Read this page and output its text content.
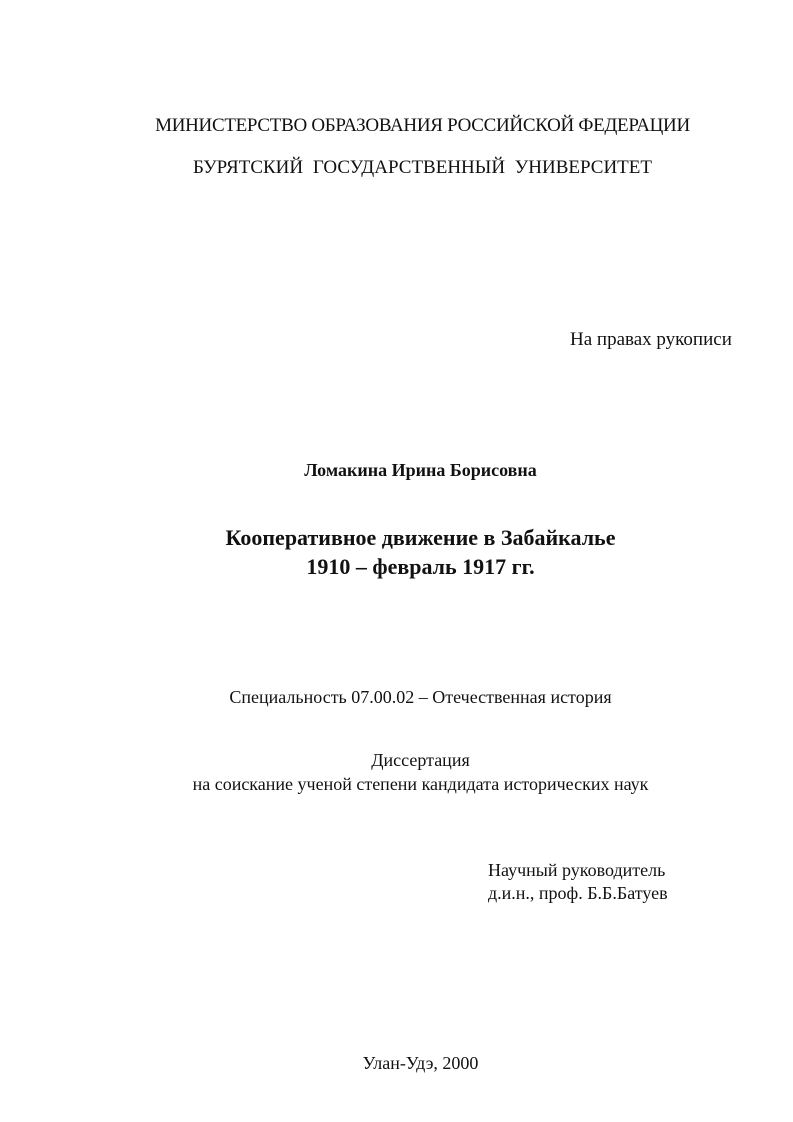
МИНИСТЕРСТВО ОБРАЗОВАНИЯ РОССИЙСКОЙ ФЕДЕРАЦИИ
БУРЯТСКИЙ ГОСУДАРСТВЕННЫЙ УНИВЕРСИТЕТ
На правах рукописи
Ломакина Ирина Борисовна
Кооперативное движение в Забайкалье
1910 – февраль 1917 гг.
Специальность 07.00.02 – Отечественная история
Диссертация
на соискание ученой степени кандидата исторических наук
Научный руководитель
д.и.н., проф. Б.Б.Батуев
Улан-Удэ, 2000
